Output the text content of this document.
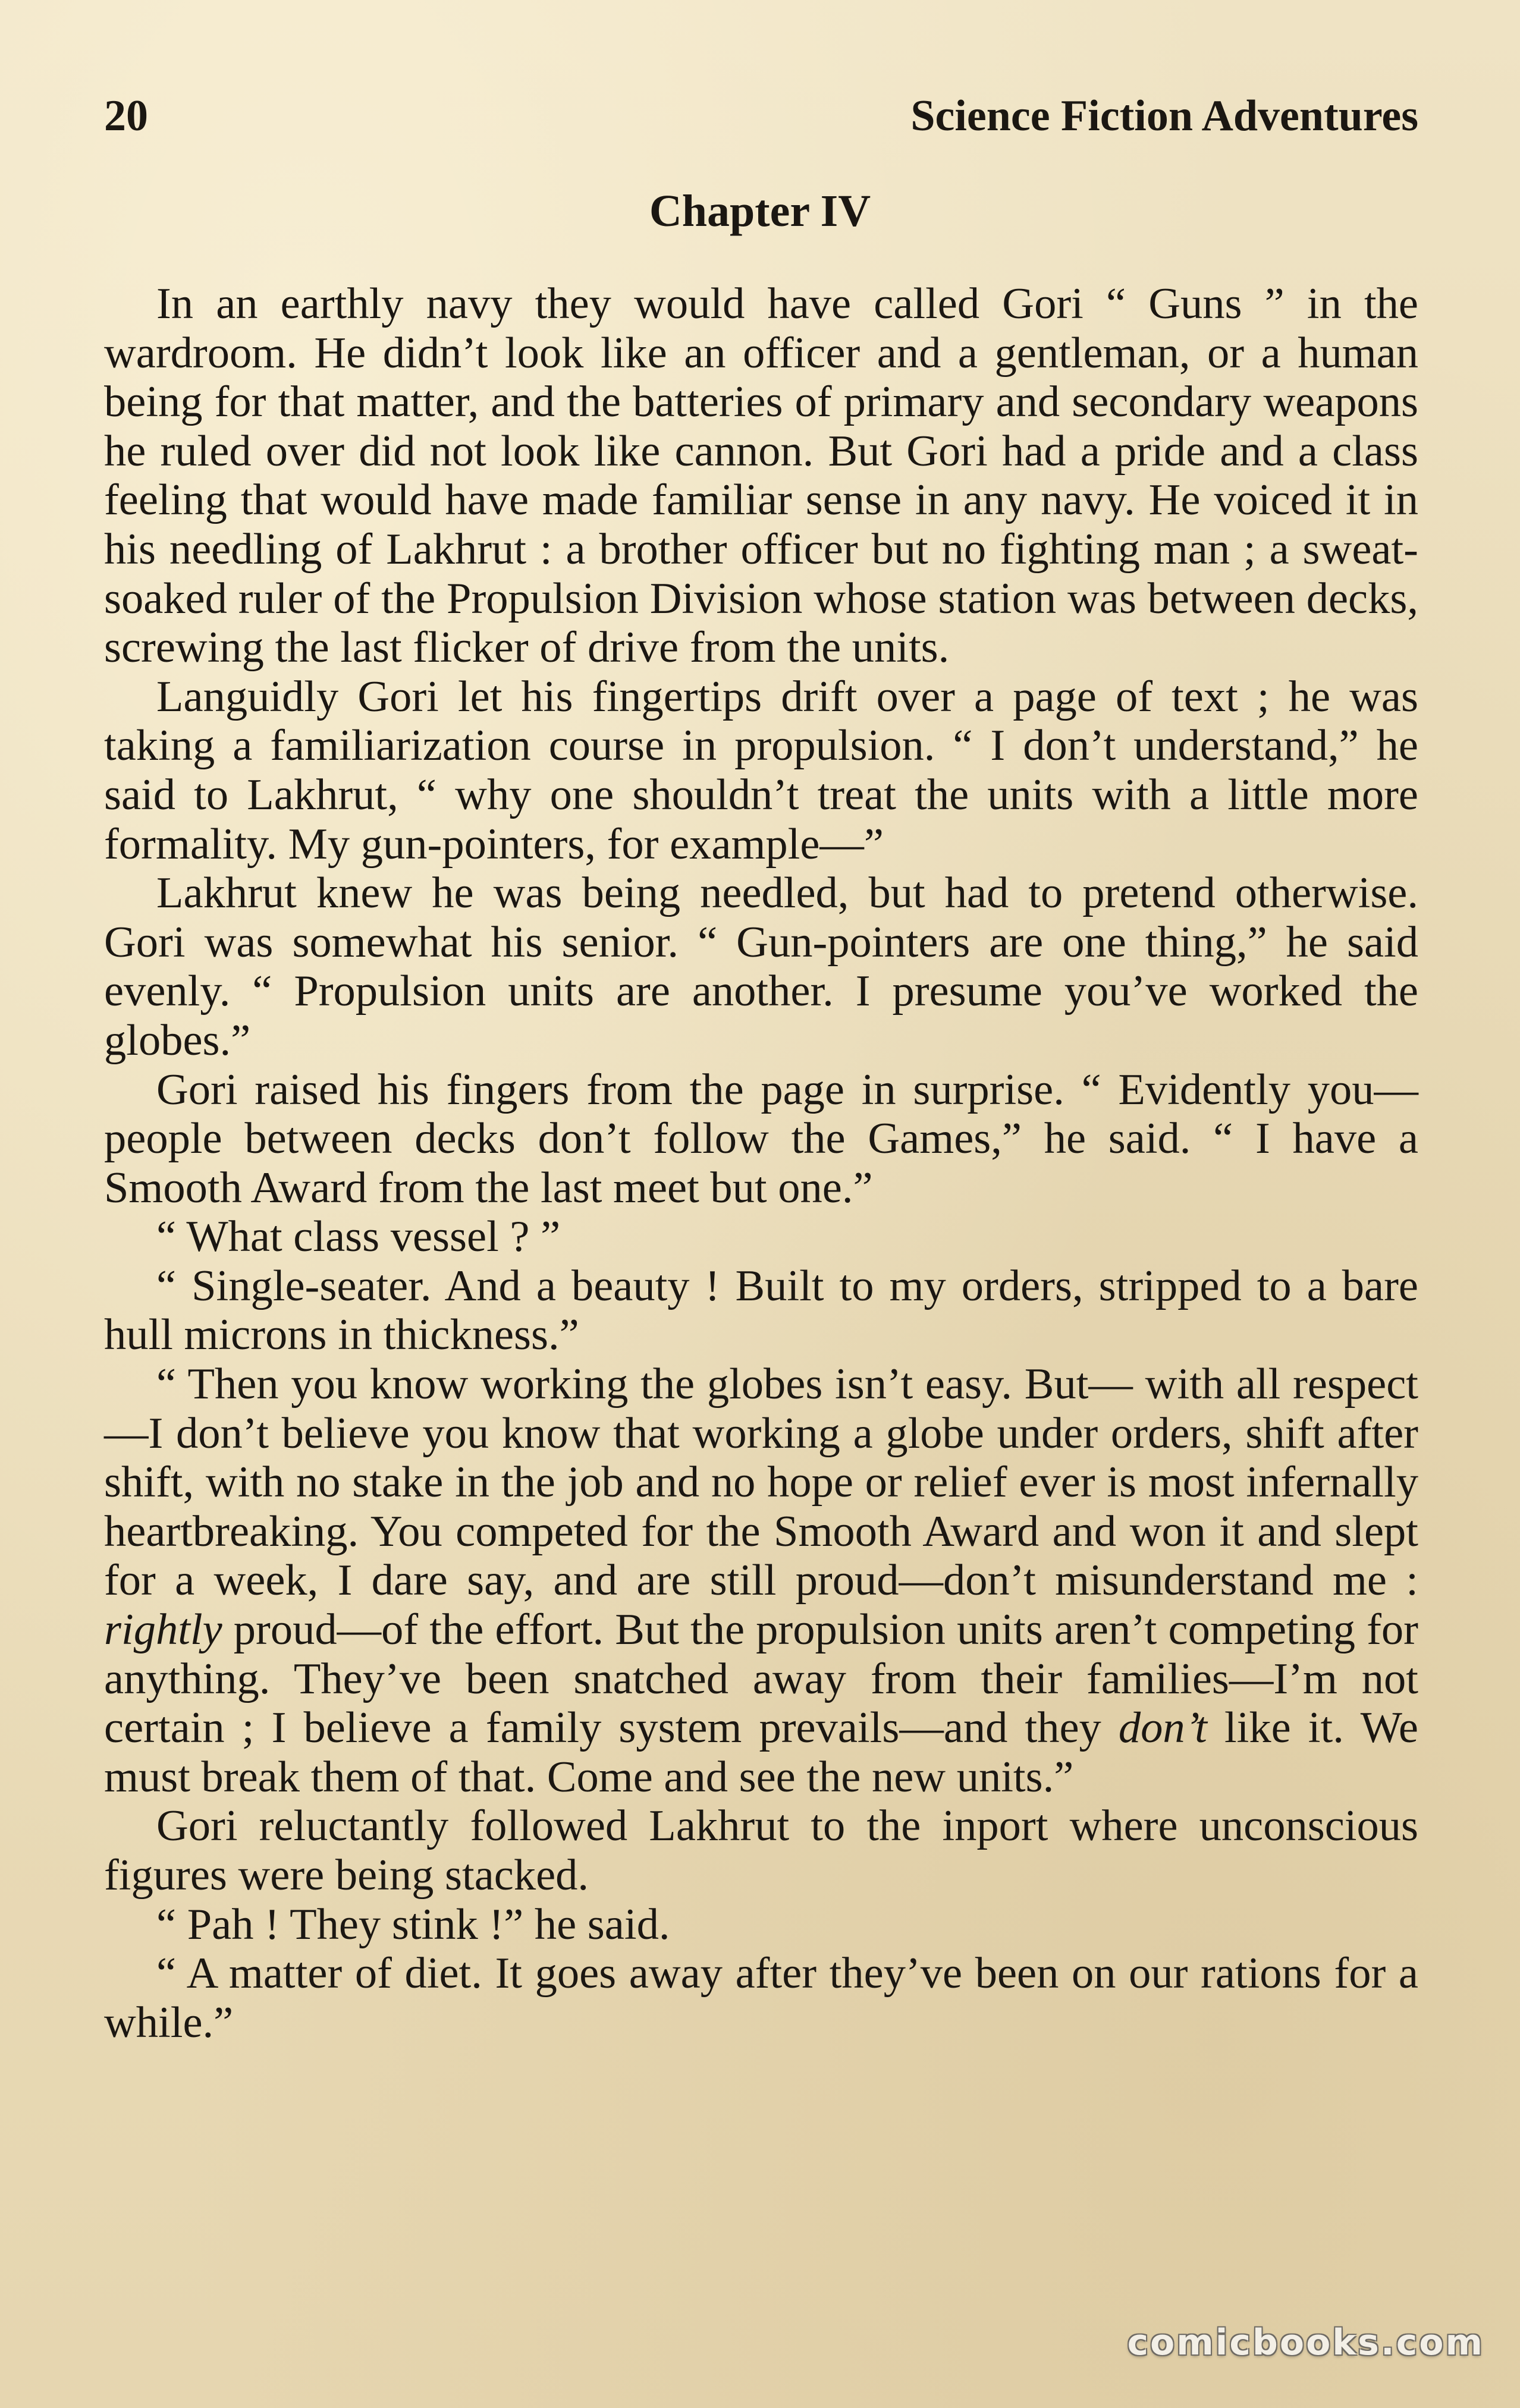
20	Science Fiction Adventures
Chapter IV

In an earthly navy they would have called Gori “ Guns ” in the wardroom. He didn’t look like an officer and a gentleman, or a human being for that matter, and the batteries of primary and secondary weapons he ruled over did not look like cannon. But Gori had a pride and a class feeling that would have made familiar sense in any navy. He voiced it in his needling of Lakhrut : a brother officer but no fighting man ; a sweat-soaked ruler of the Propulsion Division whose station was between decks, screwing the last flicker of drive from the units.

Languidly Gori let his fingertips drift over a page of text ; he was taking a familiarization course in propulsion. “ I don’t understand,” he said to Lakhrut, “ why one shouldn’t treat the units with a little more formality. My gun-pointers, for example—”

Lakhrut knew he was being needled, but had to pretend otherwise. Gori was somewhat his senior. “ Gun-pointers are one thing,” he said evenly. “ Propulsion units are another. I presume you’ve worked the globes.”

Gori raised his fingers from the page in surprise. “ Evidently you—people between decks don’t follow the Games,” he said. “ I have a Smooth Award from the last meet but one.”

“ What class vessel ? ”

“ Single-seater. And a beauty ! Built to my orders, stripped to a bare hull microns in thickness.”

“ Then you know working the globes isn’t easy. But— with all respect—I don’t believe you know that working a globe under orders, shift after shift, with no stake in the job and no hope or relief ever is most infernally heartbreaking. You competed for the Smooth Award and won it and slept for a week, I dare say, and are still proud—don’t misunderstand me : rightly proud—of the effort. But the propulsion units aren’t competing for anything. They’ve been snatched away from their families—I’m not certain ; I believe a family system prevails—and they don’t like it. We must break them of that. Come and see the new units.”

Gori reluctantly followed Lakhrut to the inport where unconscious figures were being stacked.

“ Pah ! They stink !” he said.

“ A matter of diet. It goes away after they’ve been on our rations for a while.”

comicbooks.com
